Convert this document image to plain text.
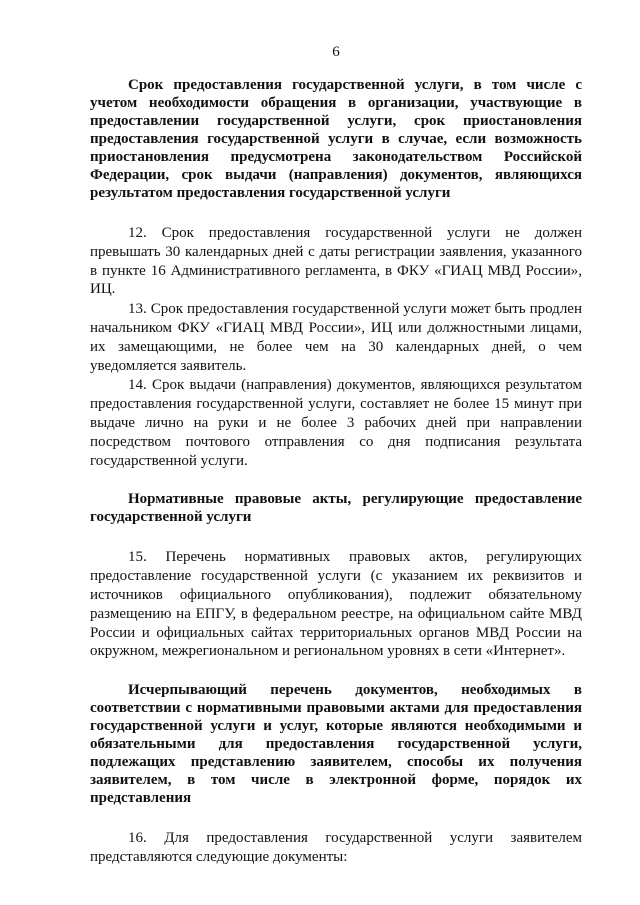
6
Срок предоставления государственной услуги, в том числе с учетом необходимости обращения в организации, участвующие в предоставлении государственной услуги, срок приостановления предоставления государственной услуги в случае, если возможность приостановления предусмотрена законодательством Российской Федерации, срок выдачи (направления) документов, являющихся результатом предоставления государственной услуги

12. Срок предоставления государственной услуги не должен превышать 30 календарных дней с даты регистрации заявления, указанного в пункте 16 Административного регламента, в ФКУ «ГИАЦ МВД России», ИЦ.

13. Срок предоставления государственной услуги может быть продлен начальником ФКУ «ГИАЦ МВД России», ИЦ или должностными лицами, их замещающими, не более чем на 30 календарных дней, о чем уведомляется заявитель.

14. Срок выдачи (направления) документов, являющихся результатом предоставления государственной услуги, составляет не более 15 минут при выдаче лично на руки и не более 3 рабочих дней при направлении посредством почтового отправления со дня подписания результата государственной услуги.

Нормативные правовые акты, регулирующие предоставление государственной услуги

15. Перечень нормативных правовых актов, регулирующих предоставление государственной услуги (с указанием их реквизитов и источников официального опубликования), подлежит обязательному размещению на ЕПГУ, в федеральном реестре, на официальном сайте МВД России и официальных сайтах территориальных органов МВД России на окружном, межрегиональном и региональном уровнях в сети «Интернет».

Исчерпывающий перечень документов, необходимых в соответствии с нормативными правовыми актами для предоставления государственной услуги и услуг, которые являются необходимыми и обязательными для предоставления государственной услуги, подлежащих представлению заявителем, способы их получения заявителем, в том числе в электронной форме, порядок их представления

16. Для предоставления государственной услуги заявителем представляются следующие документы:
